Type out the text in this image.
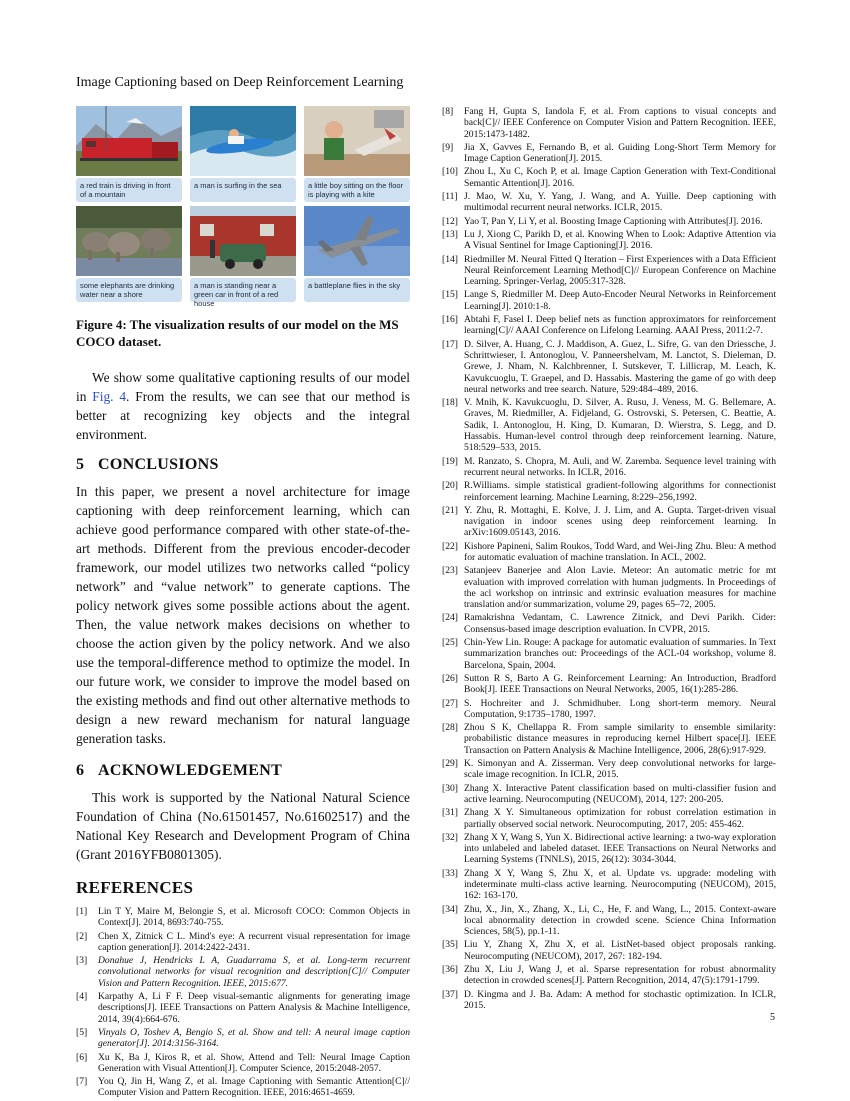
Image Captioning based on Deep Reinforcement Learning
a red train is driving in front of a mountain
a man is surfing in the sea	a little boy sitting on the floor is playing with a kite
some elephants are drinking water near a shore
a man is standing near a green car in front of a red house
a battleplane flies in the sky
Figure 4: The visualization results of our model on the MS COCO dataset.

We show some qualitative captioning results of our model in Fig. 4. From the results, we can see that our method is better at recognizing key objects and the integral environment.

5 CONCLUSIONS

In this paper, we present a novel architecture for image captioning with deep reinforcement learning, which can achieve good performance compared with other state-of-the-art methods. Different from the previous encoder-decoder framework, our model utilizes two networks called “policy network” and “value network” to generate captions. The policy network gives some possible actions about the agent. Then, the value network makes decisions on whether to choose the action given by the policy network. And we also use the temporal-difference method to optimize the model. In our future work, we consider to improve the model based on the existing methods and find out other alternative methods to design a new reward mechanism for natural language generation tasks.

6 ACKNOWLEDGEMENT

This work is supported by the National Natural Science Foundation of China (No.61501457, No.61602517) and the National Key Research and Development Program of China (Grant 2016YFB0801305).

REFERENCES
[1]	Lin T Y, Maire M, Belongie S, et al. Microsoft COCO: Common Objects in Context[J]. 2014, 8693:740-755.
[2]	Chen X, Zitnick C L. Mind's eye: A recurrent visual representation for image caption generation[J]. 2014:2422-2431.
[3]	Donahue J, Hendricks L A, Guadarrama S, et al. Long-term recurrent convolutional networks for visual recognition and description[C]// Computer Vision and Pattern Recognition. IEEE, 2015:677.
[4]	Karpathy A, Li F F. Deep visual-semantic alignments for generating image descriptions[J]. IEEE Transactions on Pattern Analysis & Machine Intelligence, 2014, 39(4):664-676.
[5]	Vinyals O, Toshev A, Bengio S, et al. Show and tell: A neural image caption generator[J]. 2014:3156-3164.
[6]	Xu K, Ba J, Kiros R, et al. Show, Attend and Tell: Neural Image Caption Generation with Visual Attention[J]. Computer Science, 2015:2048-2057.
[7]	You Q, Jin H, Wang Z, et al. Image Captioning with Semantic Attention[C]// Computer Vision and Pattern Recognition. IEEE, 2016:4651-4659.
[8]	Fang H, Gupta S, Iandola F, et al. From captions to visual concepts and back[C]// IEEE Conference on Computer Vision and Pattern Recognition. IEEE, 2015:1473-1482.
[9]	Jia X, Gavves E, Fernando B, et al. Guiding Long-Short Term Memory for Image Caption Generation[J]. 2015.
[10] Zhou L, Xu C, Koch P, et al. Image Caption Generation with Text-Conditional Semantic Attention[J]. 2016.
[11] J. Mao, W. Xu, Y. Yang, J. Wang, and A. Yuille. Deep captioning with multimodal recurrent neural networks. ICLR, 2015.
[12] Yao T, Pan Y, Li Y, et al. Boosting Image Captioning with Attributes[J]. 2016.
[13] Lu J, Xiong C, Parikh D, et al. Knowing When to Look: Adaptive Attention via A Visual Sentinel for Image Captioning[J]. 2016.
[14] Riedmiller M. Neural Fitted Q Iteration – First Experiences with a Data Efficient Neural Reinforcement Learning Method[C]// European Conference on Machine Learning. Springer-Verlag, 2005:317-328.
[15] Lange S, Riedmiller M. Deep Auto-Encoder Neural Networks in Reinforcement Learning[J]. 2010:1-8.
[16] Abtahi F, Fasel I. Deep belief nets as function approximators for reinforcement learning[C]// AAAI Conference on Lifelong Learning. AAAI Press, 2011:2-7.
[17] D. Silver, A. Huang, C. J. Maddison, A. Guez, L. Sifre, G. van den Driessche, J. Schrittwieser, I. Antonoglou, V. Panneershelvam, M. Lanctot, S. Dieleman, D. Grewe, J. Nham, N. Kalchbrenner, I. Sutskever, T. Lillicrap, M. Leach, K. Kavukcuoglu, T. Graepel, and D. Hassabis. Mastering the game of go with deep neural networks and tree search. Nature, 529:484–489, 2016.
[18] V. Mnih, K. Kavukcuoglu, D. Silver, A. Rusu, J. Veness, M. G. Bellemare, A. Graves, M. Riedmiller, A. Fidjeland, G. Ostrovski, S. Petersen, C. Beattie, A. Sadik, I. Antonoglou, H. King, D. Kumaran, D. Wierstra, S. Legg, and D. Hassabis. Human-level control through deep reinforcement learning. Nature, 518:529–533, 2015.
[19] M. Ranzato, S. Chopra, M. Auli, and W. Zaremba. Sequence level training with recurrent neural networks. In ICLR, 2016.
[20] R.Williams. simple statistical gradient-following algorithms for connectionist reinforcement learning. Machine Learning, 8:229–256,1992.
[21] Y. Zhu, R. Mottaghi, E. Kolve, J. J. Lim, and A. Gupta. Target-driven visual navigation in indoor scenes using deep reinforcement learning. In arXiv:1609.05143, 2016.
[22] Kishore Papineni, Salim Roukos, Todd Ward, and Wei-Jing Zhu. Bleu: A method for automatic evaluation of machine translation. In ACL, 2002.
[23] Satanjeev Banerjee and Alon Lavie. Meteor: An automatic metric for mt evaluation with improved correlation with human judgments. In Proceedings of the acl workshop on intrinsic and extrinsic evaluation measures for machine translation and/or summarization, volume 29, pages 65–72, 2005.
[24] Ramakrishna Vedantam, C. Lawrence Zitnick, and Devi Parikh. Cider: Consensus-based image description evaluation. In CVPR, 2015.
[25] Chin-Yew Lin. Rouge: A package for automatic evaluation of summaries. In Text summarization branches out: Proceedings of the ACL-04 workshop, volume 8. Barcelona, Spain, 2004.
[26] Sutton R S, Barto A G. Reinforcement Learning: An Introduction, Bradford Book[J]. IEEE Transactions on Neural Networks, 2005, 16(1):285-286.
[27] S. Hochreiter and J. Schmidhuber. Long short-term memory. Neural Computation, 9:1735–1780, 1997.
[28] Zhou S K, Chellappa R. From sample similarity to ensemble similarity: probabilistic distance measures in reproducing kernel Hilbert space[J]. IEEE Transaction on Pattern Analysis & Machine Intelligence, 2006, 28(6):917-929.
[29] K. Simonyan and A. Zisserman. Very deep convolutional networks for large-scale image recognition. In ICLR, 2015.
[30] Zhang X. Interactive Patent classification based on multi-classifier fusion and active learning. Neurocomputing (NEUCOM), 2014, 127: 200-205.
[31] Zhang X Y. Simultaneous optimization for robust correlation estimation in partially observed social network. Neurocomputing, 2017, 205: 455-462.
[32] Zhang X Y, Wang S, Yun X. Bidirectional active learning: a two-way exploration into unlabeled and labeled dataset. IEEE Transactions on Neural Networks and Learning Systems (TNNLS), 2015, 26(12): 3034-3044.
[33] Zhang X Y, Wang S, Zhu X, et al. Update vs. upgrade: modeling with indeterminate multi-class active learning. Neurocomputing (NEUCOM), 2015, 162: 163-170.
[34] Zhu, X., Jin, X., Zhang, X., Li, C., He, F. and Wang, L., 2015. Context-aware local abnormality detection in crowded scene. Science China Information Sciences, 58(5), pp.1-11.
[35] Liu Y, Zhang X, Zhu X, et al. ListNet-based object proposals ranking. Neurocomputing (NEUCOM), 2017, 267: 182-194.
[36] Zhu X, Liu J, Wang J, et al. Sparse representation for robust abnormality detection in crowded scenes[J]. Pattern Recognition, 2014, 47(5):1791-1799.
[37] D. Kingma and J. Ba. Adam: A method for stochastic optimization. In ICLR, 2015.
5
